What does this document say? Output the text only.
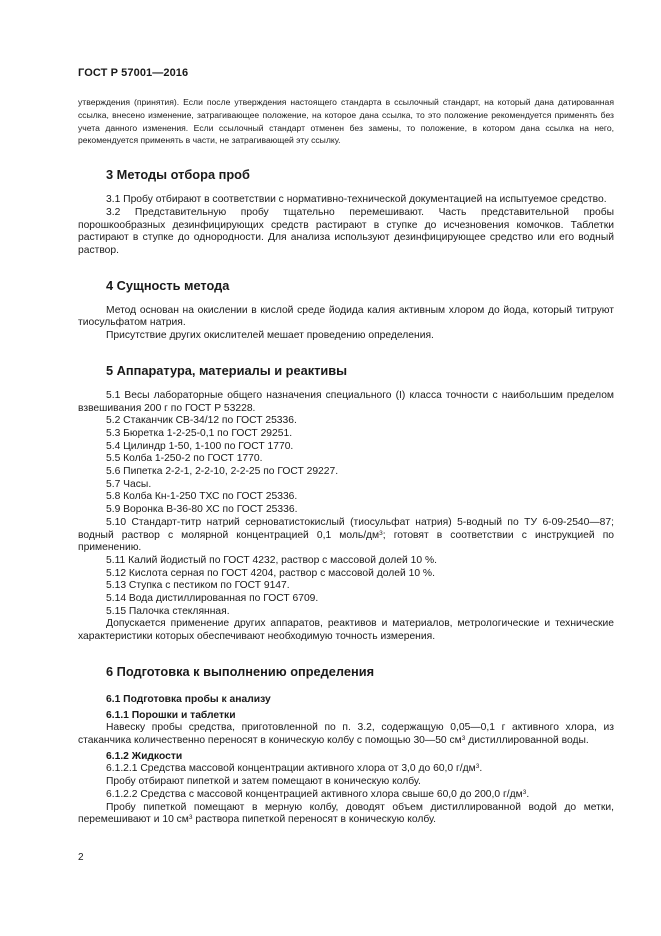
ГОСТ Р 57001—2016

утверждения (принятия). Если после утверждения настоящего стандарта в ссылочный стандарт, на который дана датированная ссылка, внесено изменение, затрагивающее положение, на которое дана ссылка, то это положение рекомендуется применять без учета данного изменения. Если ссылочный стандарт отменен без замены, то положение, в котором дана ссылка на него, рекомендуется применять в части, не затрагивающей эту ссылку.

3 Методы отбора проб

3.1 Пробу отбирают в соответствии с нормативно-технической документацией на испытуемое средство.

3.2 Представительную пробу тщательно перемешивают. Часть представительной пробы порошкообразных дезинфицирующих средств растирают в ступке до исчезновения комочков. Таблетки растирают в ступке до однородности. Для анализа используют дезинфицирующее средство или его водный раствор.

4 Сущность метода

Метод основан на окислении в кислой среде йодида калия активным хлором до йода, который титруют тиосульфатом натрия.

Присутствие других окислителей мешает проведению определения.

5 Аппаратура, материалы и реактивы

5.1 Весы лабораторные общего назначения специального (I) класса точности с наибольшим пределом взвешивания 200 г по ГОСТ Р 53228.

5.2 Стаканчик СВ-34/12 по ГОСТ 25336.

5.3 Бюретка 1-2-25-0,1 по ГОСТ 29251.

5.4 Цилиндр 1-50, 1-100 по ГОСТ 1770.

5.5 Колба 1-250-2 по ГОСТ 1770.

5.6 Пипетка 2-2-1, 2-2-10, 2-2-25 по ГОСТ 29227.

5.7 Часы.

5.8 Колба Кн-1-250 ТХС по ГОСТ 25336.

5.9 Воронка В-36-80 ХС по ГОСТ 25336.

5.10 Стандарт-титр натрий серноватистокислый (тиосульфат натрия) 5-водный по ТУ 6-09-2540—87; водный раствор с молярной концентрацией 0,1 моль/$дм^3$; готовят в соответствии с инструкцией по применению.

5.11 Калий йодистый по ГОСТ 4232, раствор с массовой долей 10 %.

5.12 Кислота серная по ГОСТ 4204, раствор с массовой долей 10 %.

5.13 Ступка с пестиком по ГОСТ 9147.

5.14 Вода дистиллированная по ГОСТ 6709.

5.15 Палочка стеклянная.

Допускается применение других аппаратов, реактивов и материалов, метрологические и технические характеристики которых обеспечивают необходимую точность измерения.

6 Подготовка к выполнению определения
6.1 Подготовка пробы к анализу
6.1.1 Порошки и таблетки

Навеску пробы средства, приготовленной по п. 3.2, содержащую 0,05—0,1 г активного хлора, из стаканчика количественно переносят в коническую колбу с помощью 30—50 $см^3$ дистиллированной воды.

6.1.2 Жидкости

6.1.2.1 Средства массовой концентрации активного хлора от 3,0 до 60,0 $г/дм^3$.

Пробу отбирают пипеткой и затем помещают в коническую колбу.

6.1.2.2 Средства с массовой концентрацией активного хлора свыше 60,0 до 200,0 $г/дм^3$.

Пробу пипеткой помещают в мерную колбу, доводят объем дистиллированной водой до метки, перемешивают и 10 $см^3$ раствора пипеткой переносят в коническую колбу.

2
